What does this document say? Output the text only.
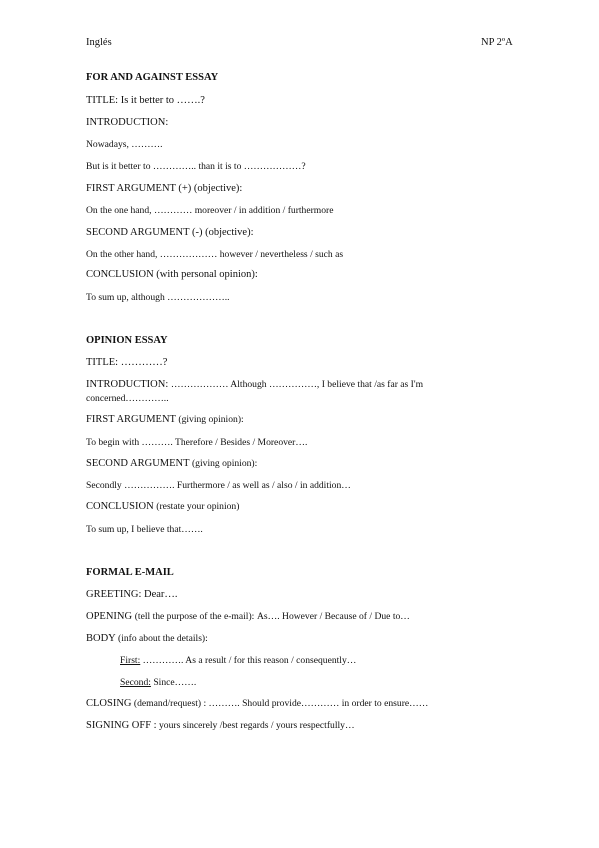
Inglés	NP 2ºA
FOR AND AGAINST ESSAY
TITLE: Is it better to …….?
INTRODUCTION:
Nowadays, ……….
But is it better to ………….. than it is to ………………?
FIRST ARGUMENT (+) (objective):
On the one hand, ………… moreover / in addition / furthermore
SECOND ARGUMENT (-) (objective):
On the other hand, ……………… however / nevertheless / such as
CONCLUSION (with personal opinion):
To sum up, although ………………..
OPINION ESSAY
TITLE: …………?
INTRODUCTION: ……………… Although ……………, I believe that /as far as I'm
concerned…………..
FIRST ARGUMENT (giving opinion):
To begin with ………. Therefore / Besides / Moreover….
SECOND ARGUMENT (giving opinion):
Secondly ……………. Furthermore / as well as / also / in addition…
CONCLUSION (restate your opinion)
To sum up, I believe that…….
FORMAL E-MAIL
GREETING: Dear….
OPENING (tell the purpose of the e-mail): As…. However / Because of / Due to…
BODY (info about the details):
First: …………. As a result / for this reason / consequently…
Second: Since…….
CLOSING (demand/request) : ………. Should provide………… in order to ensure……
SIGNING OFF : yours sincerely /best regards / yours respectfully…
